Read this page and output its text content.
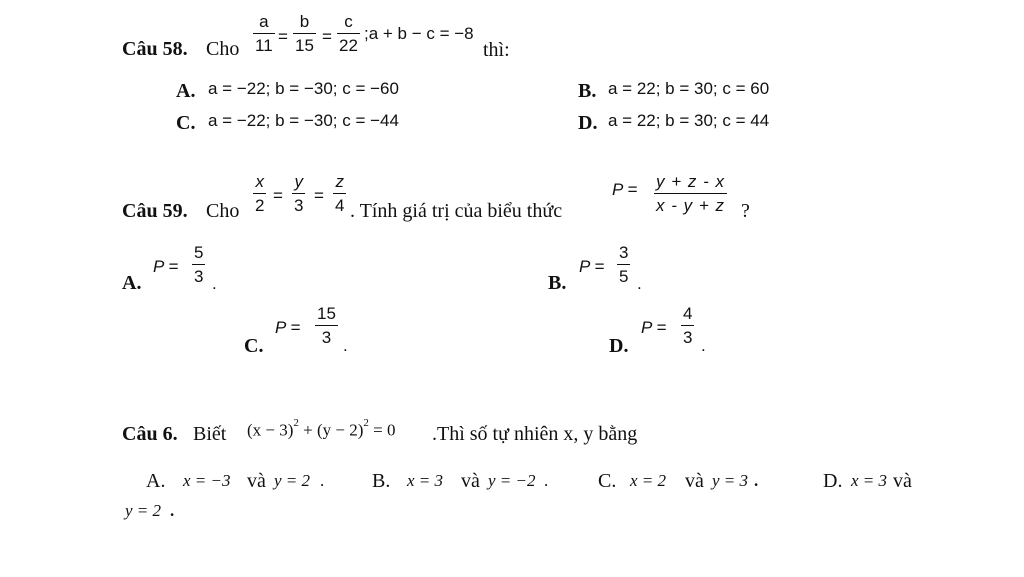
Câu 58. Cho
a
11 =
b
15 =
c
22
;a + b − c = −8
thì:
A. a = −22; b = −30; c = −60	B. a = 22; b = 30; c = 60
C. a = −22; b = −30; c = −44	D. a = 22; b = 30; c = 44
Câu 59. Cho
x
2
=
y
3
=
z
4 . Tính giá trị của biểu thức
P = y + z - x
x - y + z ?
A.
P =
5
3 .	B.
P =
3
5 .
C.
P =
15
3 .	D.
P =
4
3 .
Câu 6. Biết $(x - 3)^2 + (y - 2)^2 = 0$ .Thì số tự nhiên x, y bằng
A. x = −3 và y = 2 . B. x = 3 và y = −2 . C. x = 2 và y = 3 .	D. x = 3 và
y = 2 .
